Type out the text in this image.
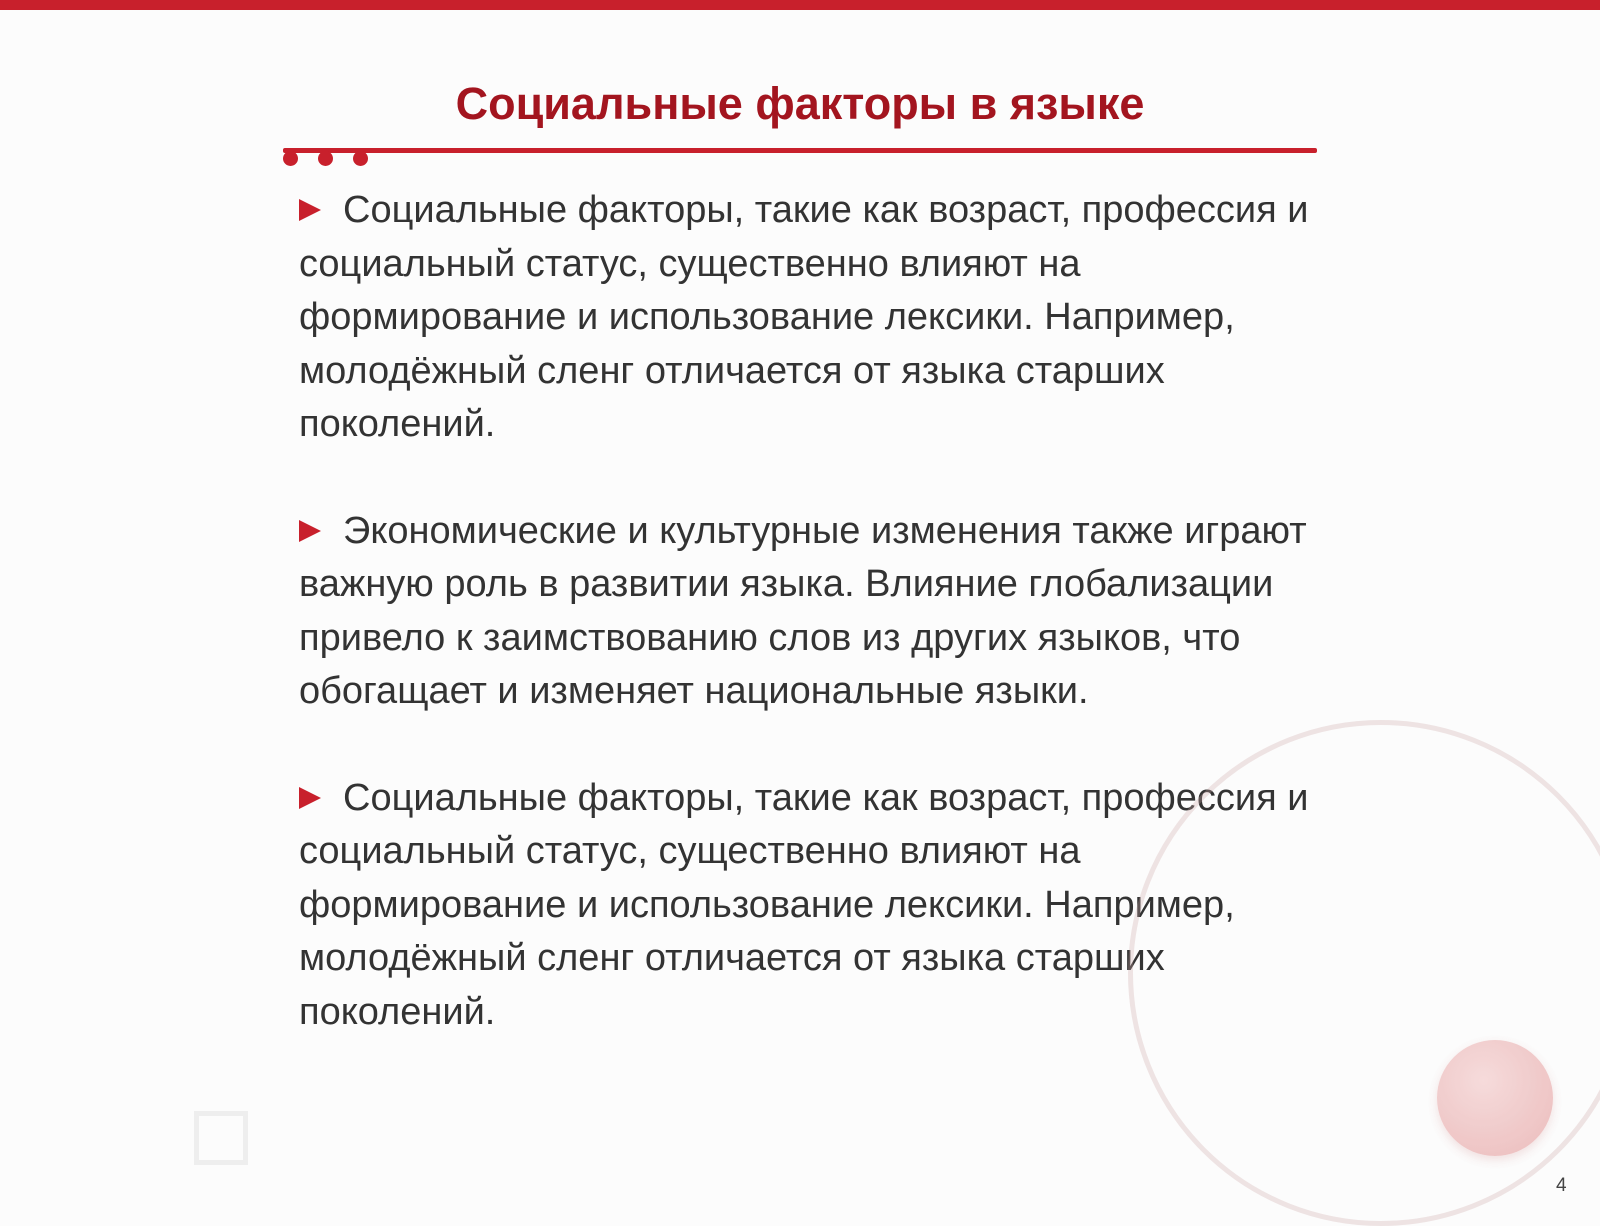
Социальные факторы в языке

Социальные факторы, такие как возраст, профессия и социальный статус, существенно влияют на формирование и использование лексики. Например, молодёжный сленг отличается от языка старших поколений.

Экономические и культурные изменения также играют важную роль в развитии языка. Влияние глобализации привело к заимствованию слов из других языков, что обогащает и изменяет национальные языки.

Социальные факторы, такие как возраст, профессия и социальный статус, существенно влияют на формирование и использование лексики. Например, молодёжный сленг отличается от языка старших поколений.

4
